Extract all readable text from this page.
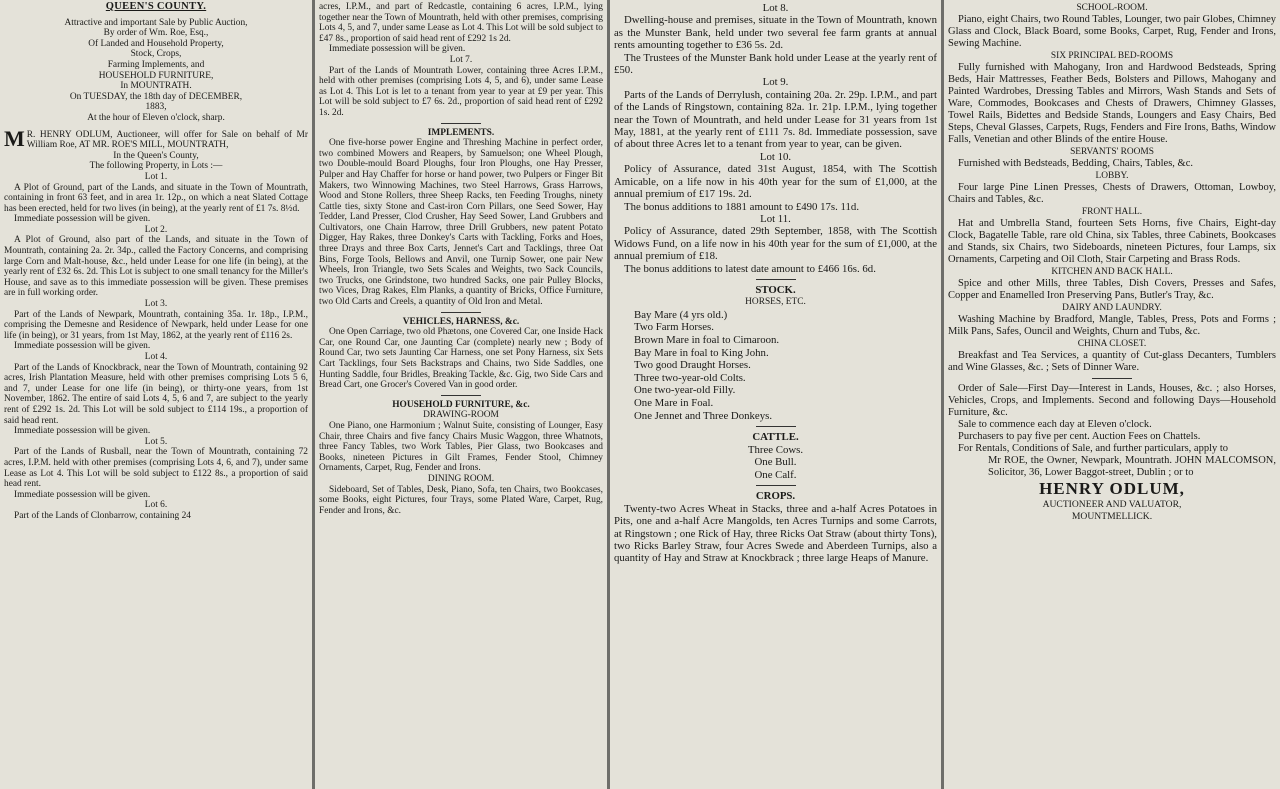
QUEEN'S COUNTY.

Attractive and important Sale by Public Auction,

By order of Wm. Roe, Esq.,

Of Landed and Household Property,

Stock, Crops,

Farming Implements, and

HOUSEHOLD FURNITURE,

In MOUNTRATH.

On TUESDAY, the 18th day of DECEMBER,

1883,

At the hour of Eleven o'clock, sharp.

M R. HENRY ODLUM, Auctioneer, will offer for Sale on behalf of Mr William Roe, AT MR. ROE'S MILL, MOUNTRATH,

In the Queen's County,

The following Property, in Lots :—

Lot 1.

A Plot of Ground, part of the Lands, and situate in the Town of Mountrath, containing in front 63 feet, and in area 1r. 12p., on which a neat Slated Cottage has been erected, held for two lives (in being), at the yearly rent of £1 7s. 8½d.

Immediate possession will be given.

Lot 2.

A Plot of Ground, also part of the Lands, and situate in the Town of Mountrath, containing 2a. 2r. 34p., called the Factory Concerns, and comprising large Corn and Malt-house, &c., held under Lease for one life (in being), at the yearly rent of £32 6s. 2d. This Lot is subject to one small tenancy for the Miller's House, and save as to this immediate possession will be given. These premises are in full working order.

Lot 3.

Part of the Lands of Newpark, Mountrath, containing 35a. 1r. 18p., I.P.M., comprising the Demesne and Residence of Newpark, held under Lease for one life (in being), or 31 years, from 1st May, 1862, at the yearly rent of £116 2s.

Immediate possession will be given.

Lot 4.

Part of the Lands of Knockbrack, near the Town of Mountrath, containing 92 acres, Irish Plantation Measure, held with other premises comprising Lots 5 6, and 7, under Lease for one life (in being), or thirty-one years, from 1st November, 1862. The entire of said Lots 4, 5, 6 and 7, are subject to the yearly rent of £292 1s. 2d. This Lot will be sold subject to £114 19s., a proportion of said head rent.

Immediate possession will be given.

Lot 5.

Part of the Lands of Rusball, near the Town of Mountrath, containing 72 acres, I.P.M. held with other premises (comprising Lots 4, 6, and 7), under same Lease as Lot 4. This Lot will be sold subject to £122 8s., a proportion of said head rent.

Immediate possession will be given.

Lot 6.

Part of the Lands of Clonbarrow, containing 24

acres, I.P.M., and part of Redcastle, containing 6 acres, I.P.M., lying together near the Town of Mountrath, held with other premises, comprising Lots 4, 5, and 7, under same Lease as Lot 4. This Lot will be sold subject to £47 8s., proportion of said head rent of £292 1s 2d.

Immediate possession will be given.

Lot 7.

Part of the Lands of Mountrath Lower, containing three Acres I.P.M., held with other premises (comprising Lots 4, 5, and 6), under same Lease as Lot 4. This Lot is let to a tenant from year to year at £9 per year. This Lot will be sold subject to £7 6s. 2d., proportion of said head rent of £292 1s. 2d.

IMPLEMENTS.

One five-horse power Engine and Threshing Machine in perfect order, two combined Mowers and Reapers, by Samuelson; one Wheel Plough, two Double-mould Board Ploughs, four Iron Ploughs, one Hay Presser, Pulper and Hay Chaffer for horse or hand power, two Pulpers or Finger Bit Makers, two Winnowing Machines, two Steel Harrows, Grass Harrows, Wood and Stone Rollers, three Sheep Racks, ten Feeding Troughs, ninety Cattle ties, sixty Stone and Cast-iron Corn Pillars, one Seed Sower, Hay Tedder, Land Presser, Clod Crusher, Hay Seed Sower, Land Grubbers and Cultivators, one Chain Harrow, three Drill Grubbers, new patent Potato Digger, Hay Rakes, three Donkey's Carts with Tackling, Forks and Hoes, three Drays and three Box Carts, Jennet's Cart and Tacklings, three Oat Bins, Forge Tools, Bellows and Anvil, one Turnip Sower, one pair New Wheels, Iron Triangle, two Sets Scales and Weights, two Sack Councils, two Trucks, one Grindstone, two hundred Sacks, one pair Pulley Blocks, two Vices, Drag Rakes, Elm Planks, a quantity of Bricks, Office Furniture, two Old Carts and Creels, a quantity of Old Iron and Metal.

VEHICLES, HARNESS, &c.

One Open Carriage, two old Phætons, one Covered Car, one Inside Hack Car, one Round Car, one Jaunting Car (complete) nearly new ; Body of Round Car, two sets Jaunting Car Harness, one set Pony Harness, six Sets Cart Tacklings, four Sets Backstraps and Chains, two Side Saddles, one Hunting Saddle, four Bridles, Breaking Tackle, &c. Gig, two Side Cars and Bread Cart, one Grocer's Covered Van in good order.

HOUSEHOLD FURNITURE, &c.

DRAWING-ROOM

One Piano, one Harmonium ; Walnut Suite, consisting of Lounger, Easy Chair, three Chairs and five fancy Chairs Music Waggon, three Whatnots, three Fancy Tables, two Work Tables, Pier Glass, two Bookcases and Books, nineteen Pictures in Gilt Frames, Fender Stool, Chimney Ornaments, Carpet, Rug, Fender and Irons.

DINING ROOM.

Sideboard, Set of Tables, Desk, Piano, Sofa, ten Chairs, two Bookcases, some Books, eight Pictures, four Trays, some Plated Ware, Carpet, Rug, Fender and Irons, &c.

Lot 8.

Dwelling-house and premises, situate in the Town of Mountrath, known as the Munster Bank, held under two several fee farm grants at annual rents amounting together to £36 5s. 2d.

The Trustees of the Munster Bank hold under Lease at the yearly rent of £50.

Lot 9.

Parts of the Lands of Derrylush, containing 20a. 2r. 29p. I.P.M., and part of the Lands of Ringstown, containing 82a. 1r. 21p. I.P.M., lying together near the Town of Mountrath, and held under Lease for 31 years from 1st May, 1881, at the yearly rent of £111 7s. 8d. Immediate possession, save of about three Acres let to a tenant from year to year, can be given.

Lot 10.

Policy of Assurance, dated 31st August, 1854, with The Scottish Amicable, on a life now in his 40th year for the sum of £1,000, at the annual premium of £17 19s. 2d.

The bonus additions to 1881 amount to £490 17s. 11d.

Lot 11.

Policy of Assurance, dated 29th September, 1858, with The Scottish Widows Fund, on a life now in his 40th year for the sum of £1,000, at the annual premium of £18.

The bonus additions to latest date amount to £466 16s. 6d.

STOCK.

HORSES, ETC.

Bay Mare (4 yrs old.)

Two Farm Horses.

Brown Mare in foal to Cimaroon.

Bay Mare in foal to King John.

Two good Draught Horses.

Three two-year-old Colts.

One two-year-old Filly.

One Mare in Foal.

One Jennet and Three Donkeys.

CATTLE.

Three Cows.

One Bull.

One Calf.

CROPS.

Twenty-two Acres Wheat in Stacks, three and a-half Acres Potatoes in Pits, one and a-half Acre Mangolds, ten Acres Turnips and some Carrots, at Ringstown ; one Rick of Hay, three Ricks Oat Straw (about thirty Tons), two Ricks Barley Straw, four Acres Swede and Aberdeen Turnips, also a quantity of Hay and Straw at Knockbrack ; three large Heaps of Manure.

SCHOOL-ROOM.

Piano, eight Chairs, two Round Tables, Lounger, two pair Globes, Chimney Glass and Clock, Black Board, some Books, Carpet, Rug, Fender and Irons, Sewing Machine.

SIX PRINCIPAL BED-ROOMS

Fully furnished with Mahogany, Iron and Hardwood Bedsteads, Spring Beds, Hair Mattresses, Feather Beds, Bolsters and Pillows, Mahogany and Painted Wardrobes, Dressing Tables and Mirrors, Wash Stands and Sets of Ware, Commodes, Bookcases and Chests of Drawers, Chimney Glasses, Towel Rails, Bidettes and Bedside Stands, Loungers and Easy Chairs, Bed Steps, Cheval Glasses, Carpets, Rugs, Fenders and Fire Irons, Baths, Window Falls, Venetian and other Blinds of the entire House.

SERVANTS' ROOMS

Furnished with Bedsteads, Bedding, Chairs, Tables, &c.

LOBBY.

Four large Pine Linen Presses, Chests of Drawers, Ottoman, Lowboy, Chairs and Tables, &c.

FRONT HALL.

Hat and Umbrella Stand, fourteen Sets Horns, five Chairs, Eight-day Clock, Bagatelle Table, rare old China, six Tables, three Cabinets, Bookcases and Stands, six Chairs, two Sideboards, nineteen Pictures, four Lamps, six Ornaments, Carpeting and Oil Cloth, Stair Carpeting and Brass Rods.

KITCHEN AND BACK HALL.

Spice and other Mills, three Tables, Dish Covers, Presses and Safes, Copper and Enamelled Iron Preserving Pans, Butler's Tray, &c.

DAIRY AND LAUNDRY.

Washing Machine by Bradford, Mangle, Tables, Press, Pots and Forms ; Milk Pans, Safes, Ouncil and Weights, Churn and Tubs, &c.

CHINA CLOSET.

Breakfast and Tea Services, a quantity of Cut-glass Decanters, Tumblers and Wine Glasses, &c. ; Sets of Dinner Ware.

Order of Sale—First Day—Interest in Lands, Houses, &c. ; also Horses, Vehicles, Crops, and Implements. Second and following Days—Household Furniture, &c.

Sale to commence each day at Eleven o'clock.

Purchasers to pay five per cent. Auction Fees on Chattels.

For Rentals, Conditions of Sale, and further particulars, apply to

Mr ROE, the Owner, Newpark, Mountrath. JOHN MALCOMSON, Solicitor, 36, Lower Baggot-street, Dublin ; or to

HENRY ODLUM,

AUCTIONEER AND VALUATOR,

MOUNTMELLICK.
